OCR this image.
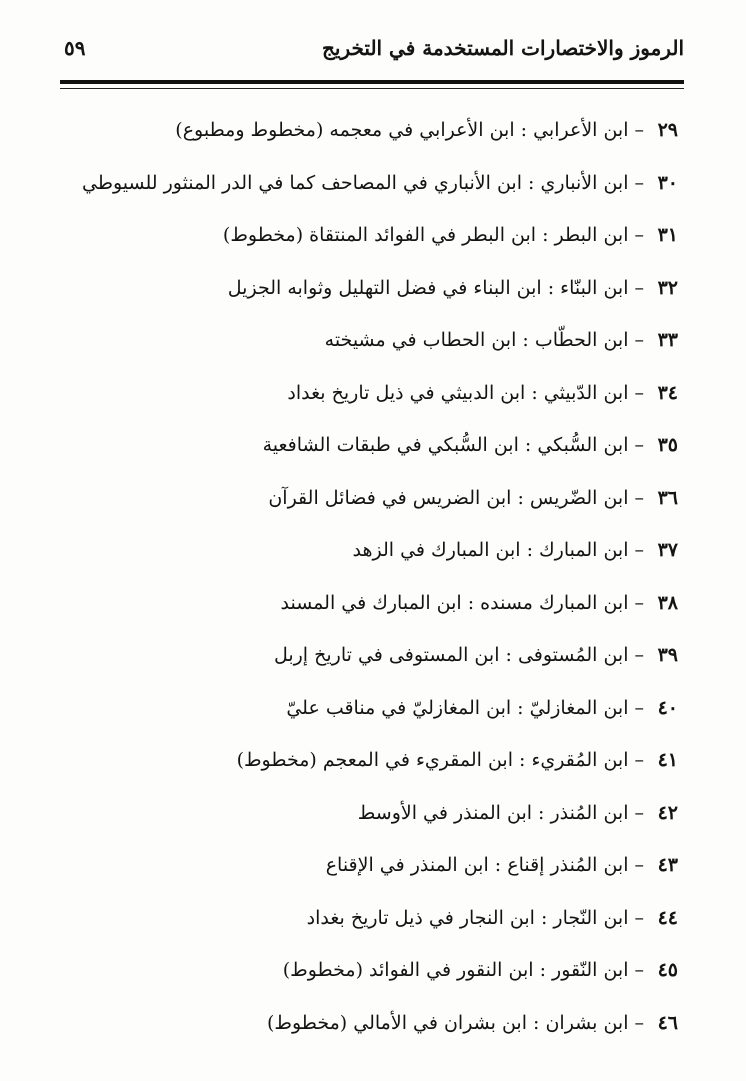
الرموز والاختصارات المستخدمة في التخريج
٥٩
٢٩–ابن الأعرابي : ابن الأعرابي في معجمه (مخطوط ومطبوع)
٣٠–ابن الأنباري : ابن الأنباري في المصاحف كما في الدر المنثور للسيوطي
٣١–ابن البطر : ابن البطر في الفوائد المنتقاة (مخطوط)
٣٢–ابن البنّاء : ابن البناء في فضل التهليل وثوابه الجزيل
٣٣–ابن الحطّاب : ابن الحطاب في مشيخته
٣٤–ابن الدّبيثي : ابن الدبيثي في ذيل تاريخ بغداد
٣٥–ابن السُّبكي : ابن السُّبكي في طبقات الشافعية
٣٦–ابن الضّريس : ابن الضريس في فضائل القرآن
٣٧–ابن المبارك : ابن المبارك في الزهد
٣٨–ابن المبارك مسنده : ابن المبارك في المسند
٣٩–ابن المُستوفى : ابن المستوفى في تاريخ إربل
٤٠–ابن المغازليّ : ابن المغازليّ في مناقب عليّ
٤١–ابن المُقريء : ابن المقريء في المعجم (مخطوط)
٤٢–ابن المُنذر : ابن المنذر في الأوسط
٤٣–ابن المُنذر إقناع : ابن المنذر في الإقناع
٤٤–ابن النّجار : ابن النجار في ذيل تاريخ بغداد
٤٥–ابن النّقور : ابن النقور في الفوائد (مخطوط)
٤٦–ابن بشران : ابن بشران في الأمالي (مخطوط)
